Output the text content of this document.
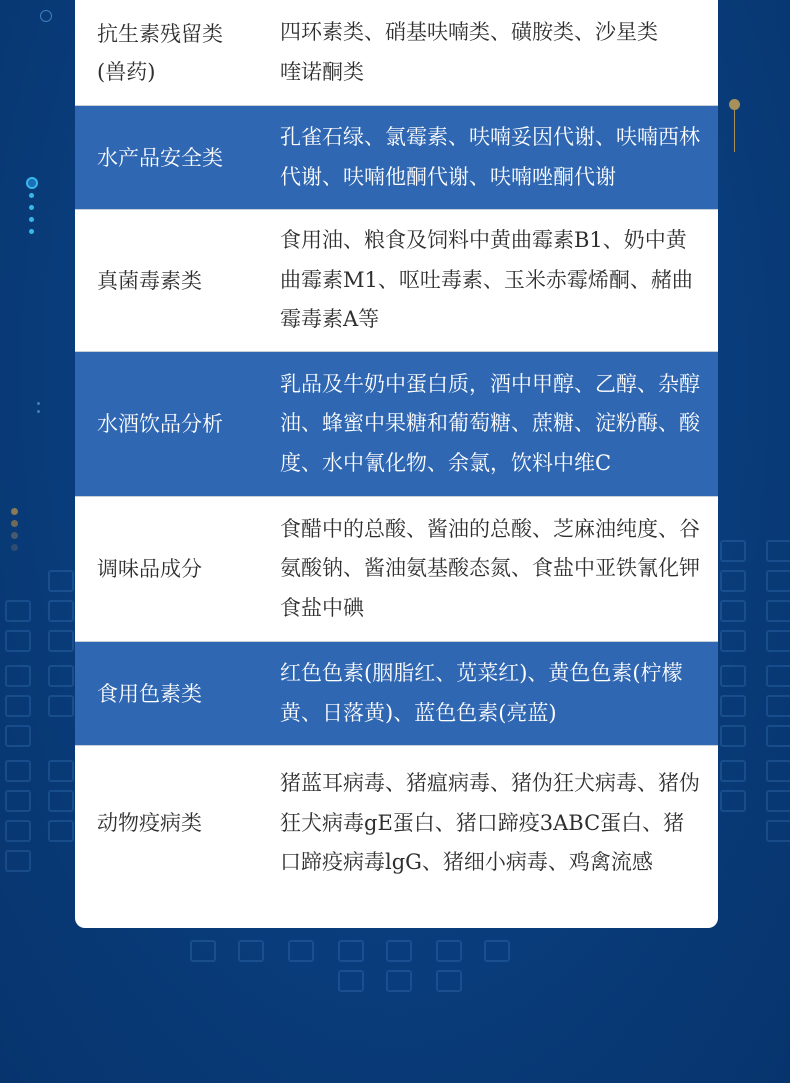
抗生素残留类
(兽药)
四环素类、硝基呋喃类、磺胺类、沙星类
喹诺酮类
水产品安全类
孔雀石绿、氯霉素、呋喃妥因代谢、呋喃西林代谢、呋喃他酮代谢、呋喃唑酮代谢
真菌毒素类
食用油、粮食及饲料中黄曲霉素B1、奶中黄曲霉素M1、呕吐毒素、玉米赤霉烯酮、赭曲霉毒素A等
水酒饮品分析
乳品及牛奶中蛋白质，酒中甲醇、乙醇、杂醇油、蜂蜜中果糖和葡萄糖、蔗糖、淀粉酶、酸度、水中氰化物、余氯，饮料中维C
调味品成分
食醋中的总酸、酱油的总酸、芝麻油纯度、谷氨酸钠、酱油氨基酸态氮、食盐中亚铁氰化钾食盐中碘
食用色素类
红色色素(胭脂红、苋菜红)、黄色色素(柠檬黄、日落黄)、蓝色色素(亮蓝)
动物疫病类
猪蓝耳病毒、猪瘟病毒、猪伪狂犬病毒、猪伪狂犬病毒gE蛋白、猪口蹄疫3ABC蛋白、猪口蹄疫病毒lgG、猪细小病毒、鸡禽流感
